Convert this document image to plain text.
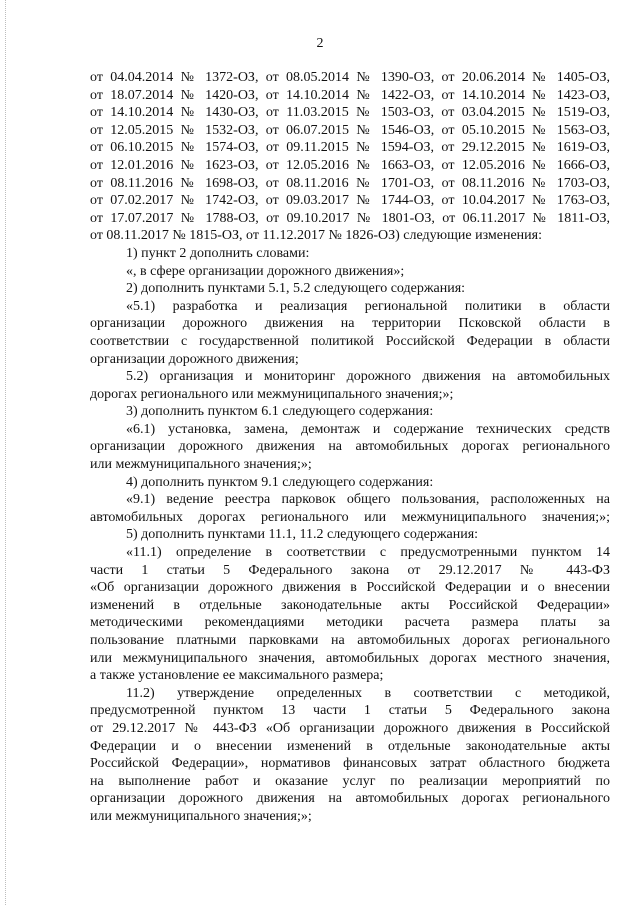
2
от 04.04.2014 № 1372-ОЗ, от 08.05.2014 № 1390-ОЗ, от 20.06.2014 № 1405-ОЗ,
от 18.07.2014 № 1420-ОЗ, от 14.10.2014 № 1422-ОЗ, от 14.10.2014 № 1423-ОЗ,
от 14.10.2014 № 1430-ОЗ, от 11.03.2015 № 1503-ОЗ, от 03.04.2015 № 1519-ОЗ,
от 12.05.2015 № 1532-ОЗ, от 06.07.2015 № 1546-ОЗ, от 05.10.2015 № 1563-ОЗ,
от 06.10.2015 № 1574-ОЗ, от 09.11.2015 № 1594-ОЗ, от 29.12.2015 № 1619-ОЗ,
от 12.01.2016 № 1623-ОЗ, от 12.05.2016 № 1663-ОЗ, от 12.05.2016 № 1666-ОЗ,
от 08.11.2016 № 1698-ОЗ, от 08.11.2016 № 1701-ОЗ, от 08.11.2016 № 1703-ОЗ,
от 07.02.2017 № 1742-ОЗ, от 09.03.2017 № 1744-ОЗ, от 10.04.2017 № 1763-ОЗ,
от 17.07.2017 № 1788-ОЗ, от 09.10.2017 № 1801-ОЗ, от 06.11.2017 № 1811-ОЗ,
от 08.11.2017 № 1815-ОЗ, от 11.12.2017 № 1826-ОЗ) следующие изменения:
1) пункт 2 дополнить словами:
«, в сфере организации дорожного движения»;
2) дополнить пунктами 5.1, 5.2 следующего содержания:
«5.1) разработка и реализация региональной политики в области
организации дорожного движения на территории Псковской области в
соответствии с государственной политикой Российской Федерации в области
организации дорожного движения;
5.2) организация и мониторинг дорожного движения на автомобильных
дорогах регионального или межмуниципального значения;»;
3) дополнить пунктом 6.1 следующего содержания:
«6.1) установка, замена, демонтаж и содержание технических средств
организации дорожного движения на автомобильных дорогах регионального
или межмуниципального значения;»;
4) дополнить пунктом 9.1 следующего содержания:
«9.1) ведение реестра парковок общего пользования, расположенных на
автомобильных дорогах регионального или межмуниципального значения;»;
5) дополнить пунктами 11.1, 11.2 следующего содержания:
«11.1) определение в соответствии с предусмотренными пунктом 14
части 1 статьи 5 Федерального закона от 29.12.2017 № 443-ФЗ
«Об организации дорожного движения в Российской Федерации и о внесении
изменений в отдельные законодательные акты Российской Федерации»
методическими рекомендациями методики расчета размера платы за
пользование платными парковками на автомобильных дорогах регионального
или межмуниципального значения, автомобильных дорогах местного значения,
а также установление ее максимального размера;
11.2) утверждение определенных в соответствии с методикой,
предусмотренной пунктом 13 части 1 статьи 5 Федерального закона
от 29.12.2017 № 443-ФЗ «Об организации дорожного движения в Российской
Федерации и о внесении изменений в отдельные законодательные акты
Российской Федерации», нормативов финансовых затрат областного бюджета
на выполнение работ и оказание услуг по реализации мероприятий по
организации дорожного движения на автомобильных дорогах регионального
или межмуниципального значения;»;
